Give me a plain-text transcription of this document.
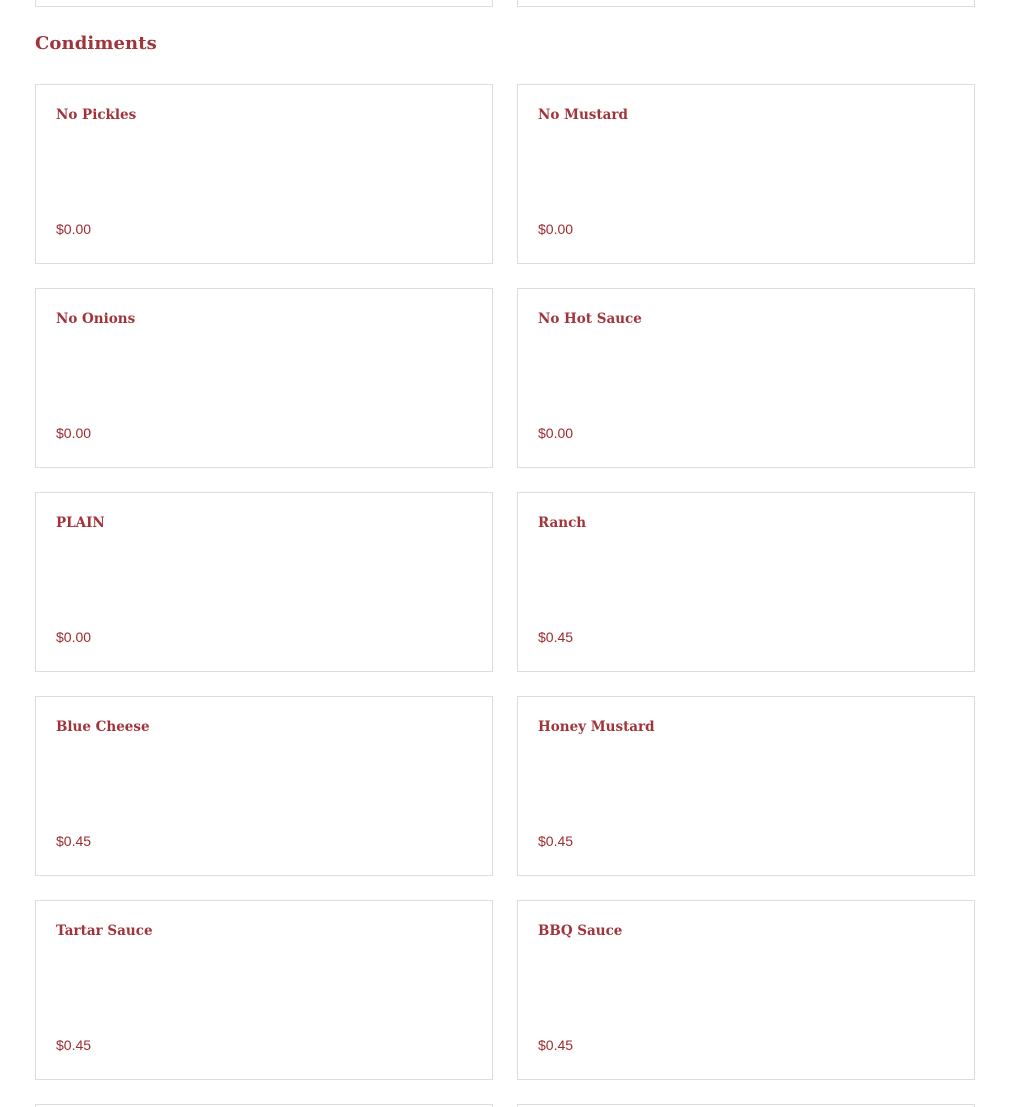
Condiments
No Pickles
$0.00
No Mustard
$0.00
No Onions
$0.00
No Hot Sauce
$0.00
PLAIN
$0.00
Ranch
$0.45
Blue Cheese
$0.45
Honey Mustard
$0.45
Tartar Sauce
$0.45
BBQ Sauce
$0.45
